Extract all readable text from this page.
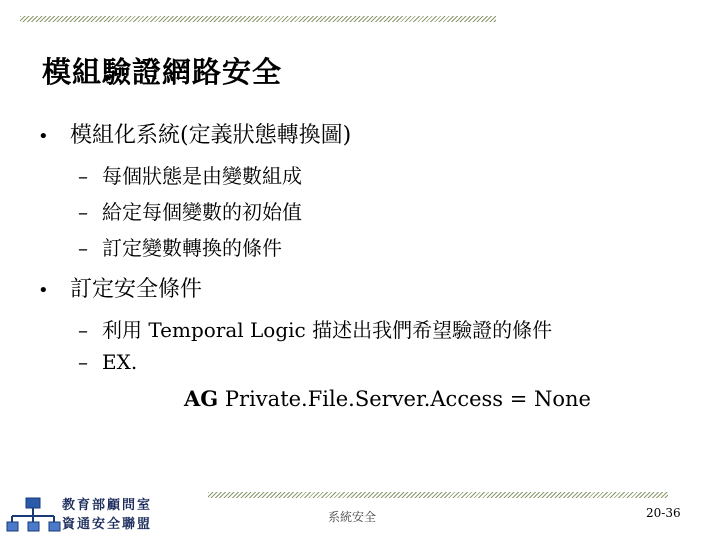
模組驗證網路安全
• 模組化系統(定義狀態轉換圖)
– 每個狀態是由變數組成
– 給定每個變數的初始值
– 訂定變數轉換的條件
• 訂定安全條件
– 利用 Temporal Logic 描述出我們希望驗證的條件
– EX.
AG Private.File.Server.Access = None
教育部顧問室
資通安全聯盟	系統安全	20-36
